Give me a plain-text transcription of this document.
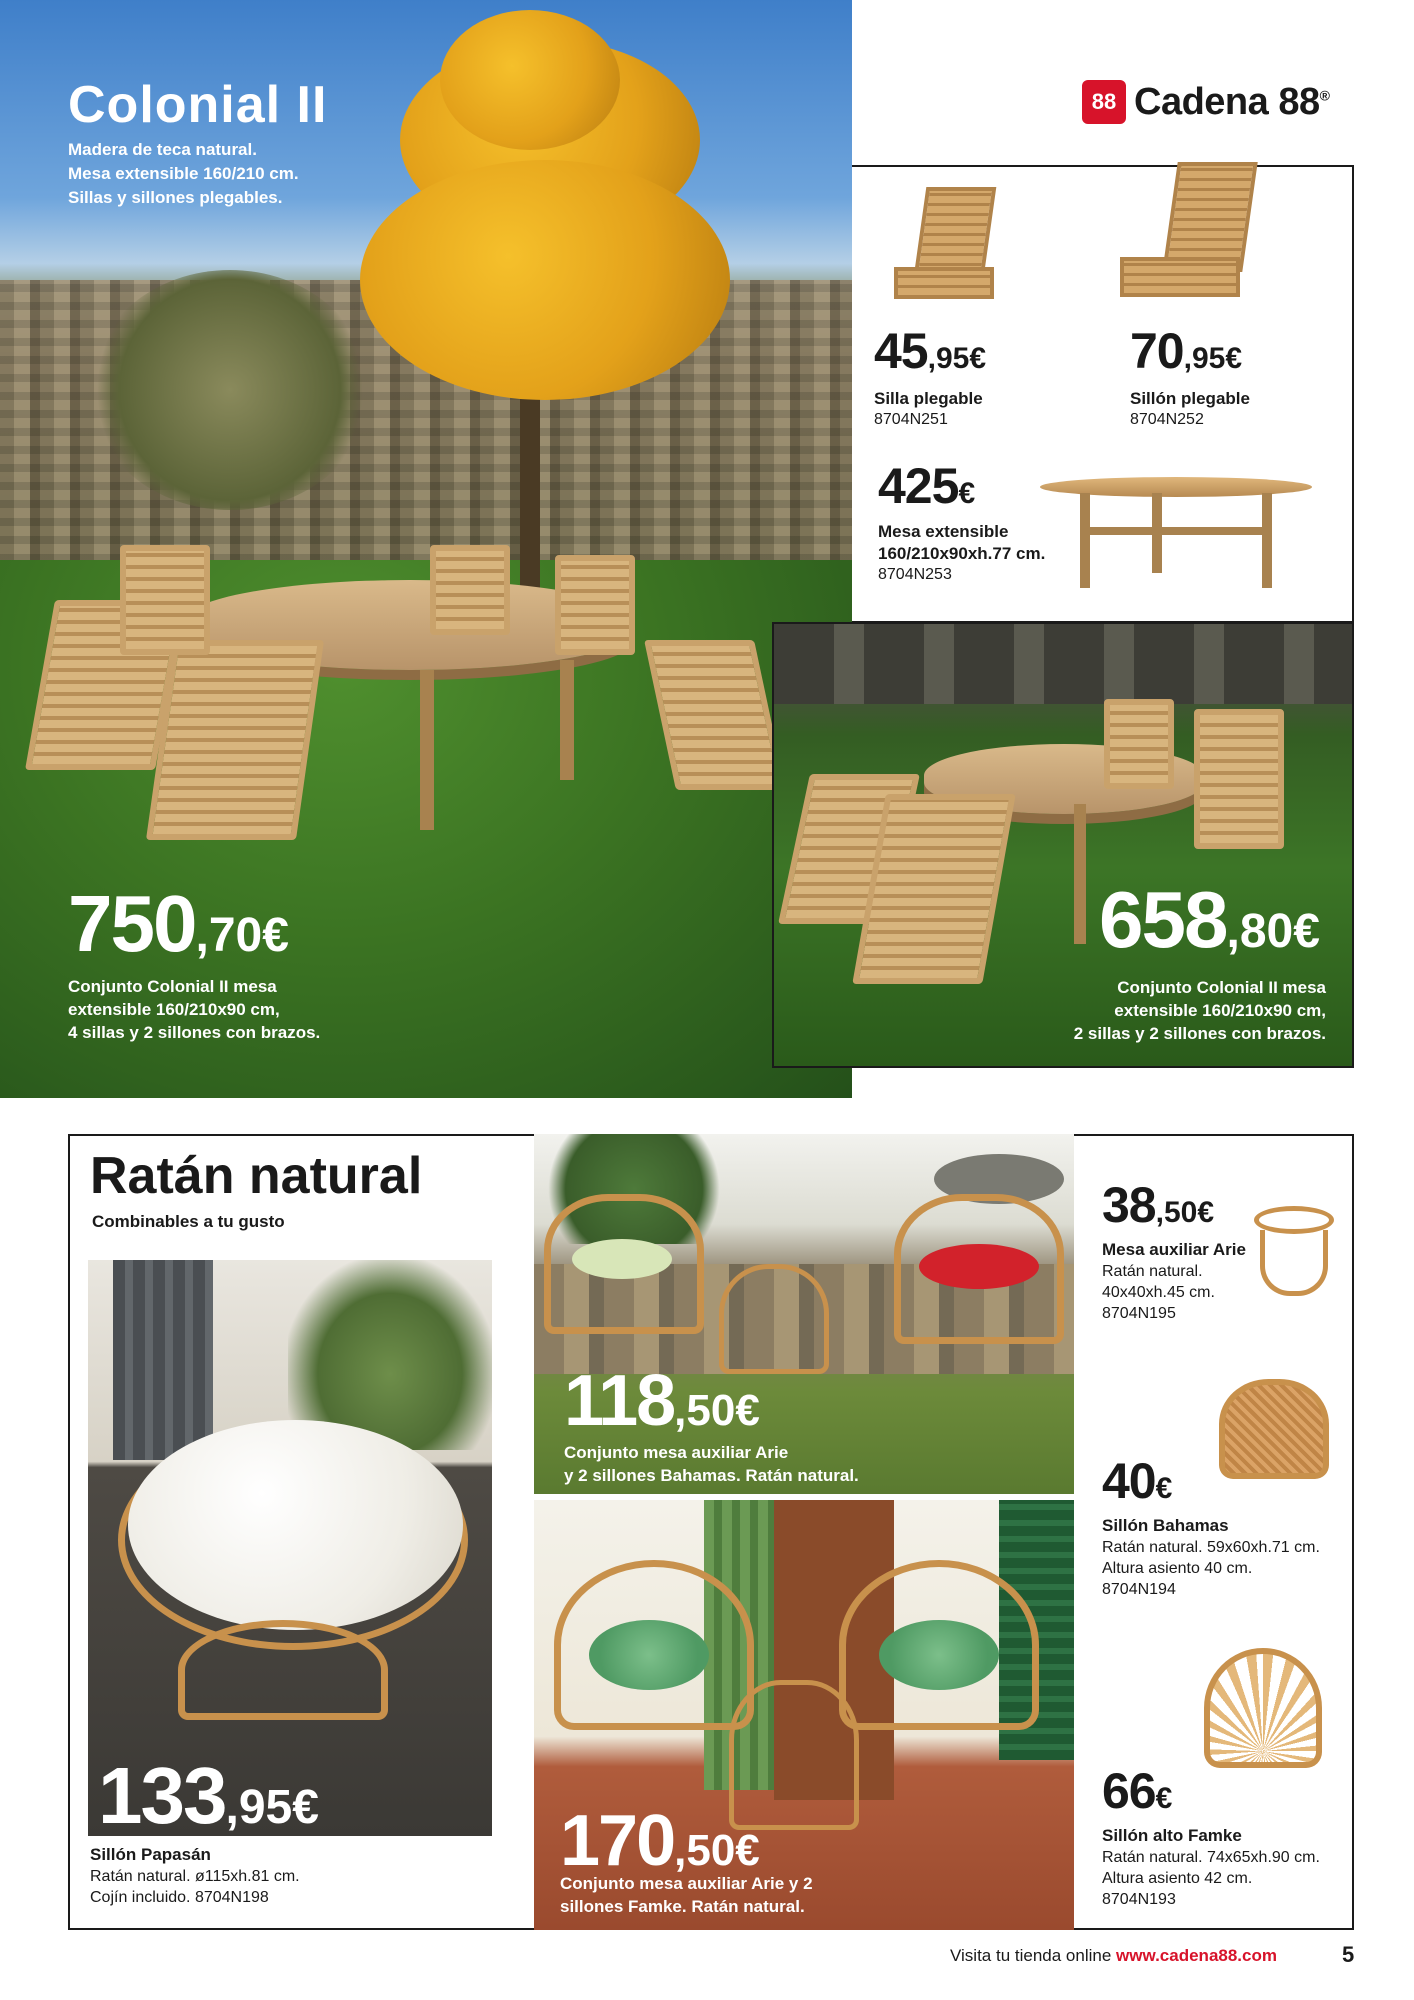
Colonial II
Madera de teca natural.
Mesa extensible 160/210 cm.
Sillas y sillones plegables.
750,70€
Conjunto Colonial II mesa
extensible 160/210x90 cm,
4 sillas y 2 sillones con brazos.
88 Cadena 88®
45,95€
Silla plegable
8704N251
70,95€
Sillón plegable
8704N252
425€
Mesa extensible
160/210x90xh.77 cm.
8704N253
658,80€
Conjunto Colonial II mesa
extensible 160/210x90 cm,
2 sillas y 2 sillones con brazos.
Ratán natural
Combinables a tu gusto
133,95€
Sillón Papasán
Ratán natural. ø115xh.81 cm.
Cojín incluido. 8704N198
118,50€
Conjunto mesa auxiliar Arie
y 2 sillones Bahamas. Ratán natural.
170,50€
Conjunto mesa auxiliar Arie y 2
sillones Famke. Ratán natural.
38,50€
Mesa auxiliar Arie
Ratán natural.
40x40xh.45 cm.
8704N195
40€
Sillón Bahamas
Ratán natural. 59x60xh.71 cm.
Altura asiento 40 cm.
8704N194
66€
Sillón alto Famke
Ratán natural. 74x65xh.90 cm.
Altura asiento 42 cm.
8704N193
Visita tu tienda online www.cadena88.com	5
